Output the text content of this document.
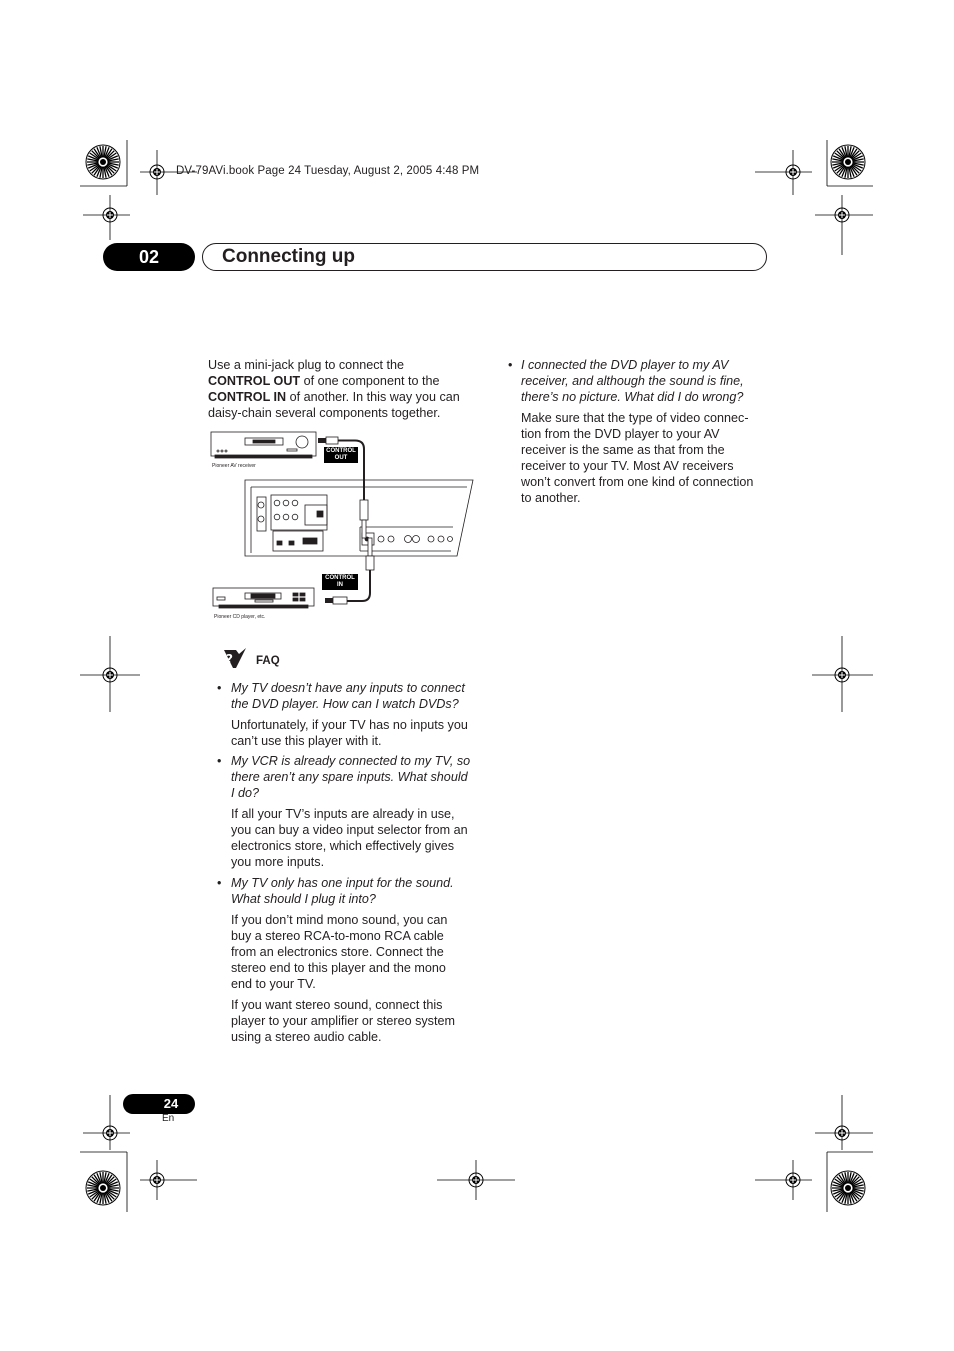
DV-79AVi.book Page 24 Tuesday, August 2, 2005 4:48 PM
02	Connecting up
Use a mini-jack plug to connect the
CONTROL OUT of one component to the
CONTROL IN of another. In this way you can
daisy-chain several components together.
Pioneer AV receiver
Pioneer CD player, etc.
CONTROL
OUT
CONTROL
IN
? FAQ
• My TV doesn’t have any inputs to connect
the DVD player. How can I watch DVDs?
Unfortunately, if your TV has no inputs you
can’t use this player with it.
• My VCR is already connected to my TV, so
there aren’t any spare inputs. What should
I do?
If all your TV’s inputs are already in use,
you can buy a video input selector from an
electronics store, which effectively gives
you more inputs.
• My TV only has one input for the sound.
What should I plug it into?
If you don’t mind mono sound, you can
buy a stereo RCA-to-mono RCA cable
from an electronics store. Connect the
stereo end to this player and the mono
end to your TV.
If you want stereo sound, connect this
player to your amplifier or stereo system
using a stereo audio cable.
• I connected the DVD player to my AV
receiver, and although the sound is fine,
there’s no picture. What did I do wrong?
Make sure that the type of video connec-
tion from the DVD player to your AV
receiver is the same as that from the
receiver to your TV. Most AV receivers
won’t convert from one kind of connection
to another.
24
En
